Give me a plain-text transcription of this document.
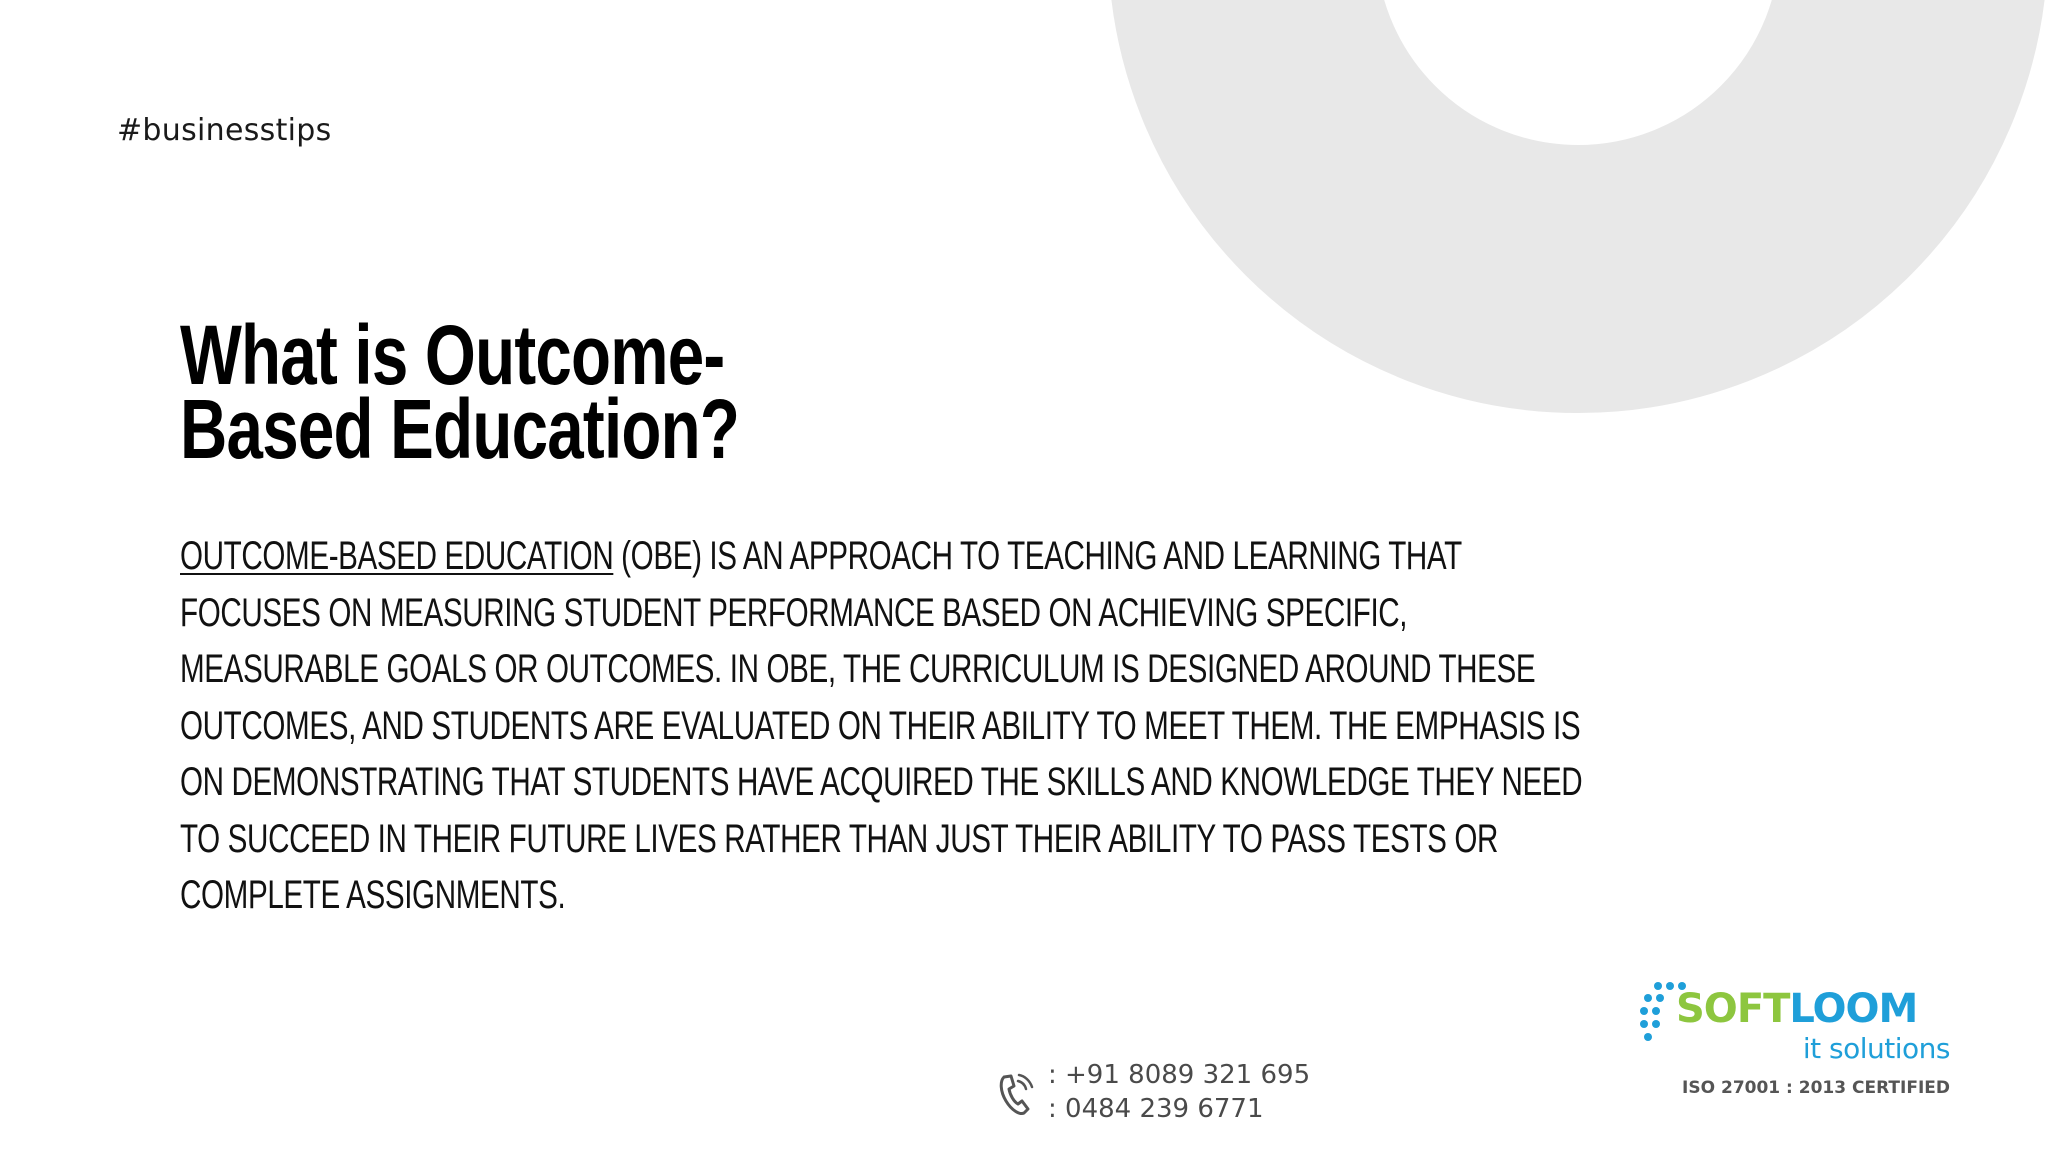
#businesstips
What is Outcome-Based Education?

OUTCOME-BASED EDUCATION (OBE) IS AN APPROACH TO TEACHING AND LEARNING THAT FOCUSES ON MEASURING STUDENT PERFORMANCE BASED ON ACHIEVING SPECIFIC, MEASURABLE GOALS OR OUTCOMES. IN OBE, THE CURRICULUM IS DESIGNED AROUND THESE OUTCOMES, AND STUDENTS ARE EVALUATED ON THEIR ABILITY TO MEET THEM. THE EMPHASIS IS ON DEMONSTRATING THAT STUDENTS HAVE ACQUIRED THE SKILLS AND KNOWLEDGE THEY NEED TO SUCCEED IN THEIR FUTURE LIVES RATHER THAN JUST THEIR ABILITY TO PASS TESTS OR COMPLETE ASSIGNMENTS.

: +91 8089 321 695
: 0484 239 6771
SOFTLOOM
it solutions
ISO 27001 : 2013 CERTIFIED
